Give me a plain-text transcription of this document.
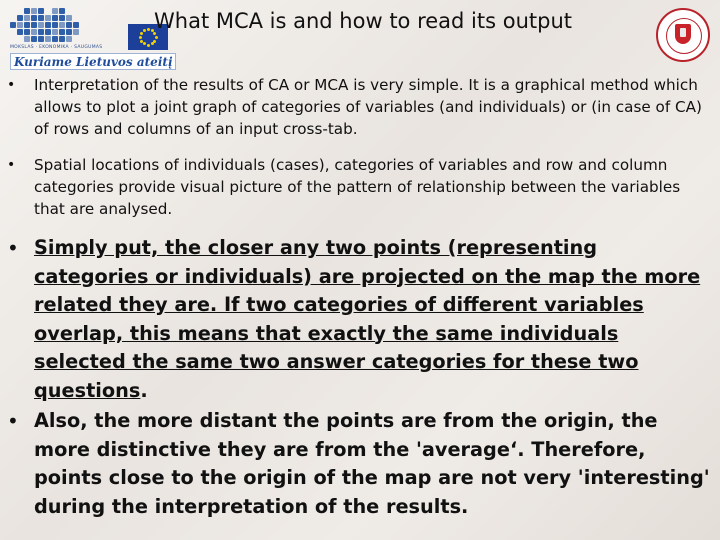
MOKSLAS · EKONOMIKA · SAUGUMAS
Kuriame Lietuvos ateitį
What MCA is and how to read its output

• Interpretation of the results of CA or MCA is very simple. It is a graphical method which allows to plot a joint graph of categories of variables (and individuals) or (in case of CA) of rows and columns of an input cross-tab.

• Spatial locations of individuals (cases), categories of variables and row and column categories provide visual picture of the pattern of relationship between the variables that are analysed.

• Simply put, the closer any two points (representing categories or individuals) are projected on the map the more related they are. If two categories of different variables overlap, this means that exactly the same individuals selected the same two answer categories for these two questions.

• Also, the more distant the points are from the origin, the more distinctive they are from the 'average‘. Therefore, points close to the origin of the map are not very 'interesting' during the interpretation of the results.
